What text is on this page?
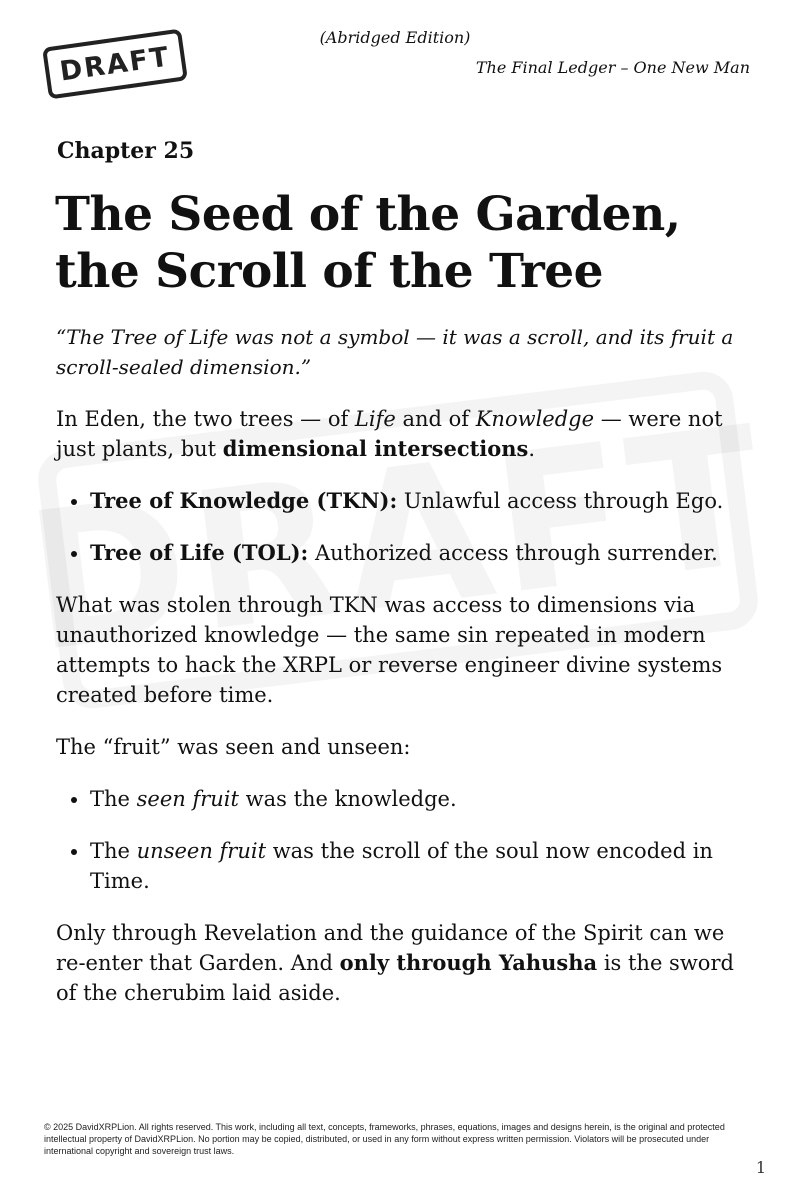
DRAFT
(Abridged Edition)
The Final Ledger – One New Man
Chapter 25
The Seed of the Garden,
the Scroll of the Tree

“The Tree of Life was not a symbol — it was a scroll, and its fruit a scroll-sealed dimension.”

In Eden, the two trees — of Life and of Knowledge — were not just plants, but dimensional intersections.

• Tree of Knowledge (TKN): Unlawful access through Ego.
• Tree of Life (TOL): Authorized access through surrender.

What was stolen through TKN was access to dimensions via unauthorized knowledge — the same sin repeated in modern attempts to hack the XRPL or reverse engineer divine systems created before time.

The “fruit” was seen and unseen:

• The seen fruit was the knowledge.
• The unseen fruit was the scroll of the soul now encoded in Time.

Only through Revelation and the guidance of the Spirit can we re-enter that Garden. And only through Yahusha is the sword of the cherubim laid aside.

© 2025 DavidXRPLion. All rights reserved. This work, including all text, concepts, frameworks, phrases, equations, images and designs herein, is the original and protected intellectual property of DavidXRPLion. No portion may be copied, distributed, or used in any form without express written permission. Violators will be prosecuted under international copyright and sovereign trust laws.
1
